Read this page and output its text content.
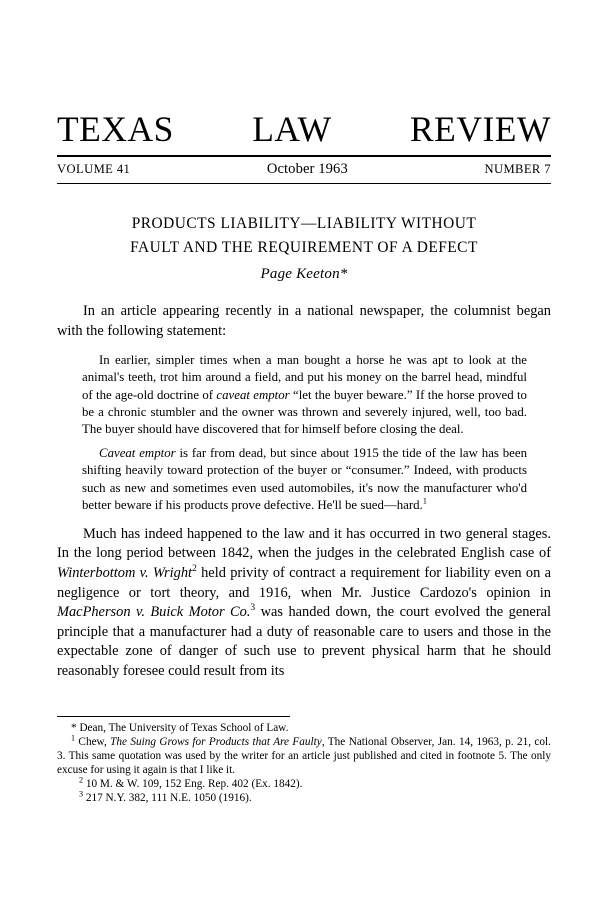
TEXAS LAW REVIEW
VOLUME 41	October 1963	NUMBER 7
PRODUCTS LIABILITY—LIABILITY WITHOUT
FAULT AND THE REQUIREMENT OF A DEFECT
Page Keeton*

In an article appearing recently in a national newspaper, the columnist began with the following statement:

In earlier, simpler times when a man bought a horse he was apt to look at the animal's teeth, trot him around a field, and put his money on the barrel head, mindful of the age-old doctrine of caveat emptor “let the buyer beware.” If the horse proved to be a chronic stumbler and the owner was thrown and severely injured, well, too bad. The buyer should have discovered that for himself before closing the deal.

Caveat emptor is far from dead, but since about 1915 the tide of the law has been shifting heavily toward protection of the buyer or “consumer.” Indeed, with products such as new and sometimes even used automobiles, it's now the manufacturer who'd better beware if his products prove defective. He'll be sued—hard.$^1$

Much has indeed happened to the law and it has occurred in two general stages. In the long period between 1842, when the judges in the celebrated English case of Winterbottom v. Wright$^2$ held privity of contract a requirement for liability even on a negligence or tort theory, and 1916, when Mr. Justice Cardozo's opinion in MacPherson v. Buick Motor Co.$^3$ was handed down, the court evolved the general principle that a manufacturer had a duty of reasonable care to users and those in the expectable zone of danger of such use to prevent physical harm that he should reasonably foresee could result from its

* Dean, The University of Texas School of Law.

$^1$ Chew, The Suing Grows for Products that Are Faulty, The National Observer, Jan. 14, 1963, p. 21, col. 3. This same quotation was used by the writer for an article just published and cited in footnote 5. The only excuse for using it again is that I like it.

$^2$ 10 M. & W. 109, 152 Eng. Rep. 402 (Ex. 1842).

$^3$ 217 N.Y. 382, 111 N.E. 1050 (1916).
